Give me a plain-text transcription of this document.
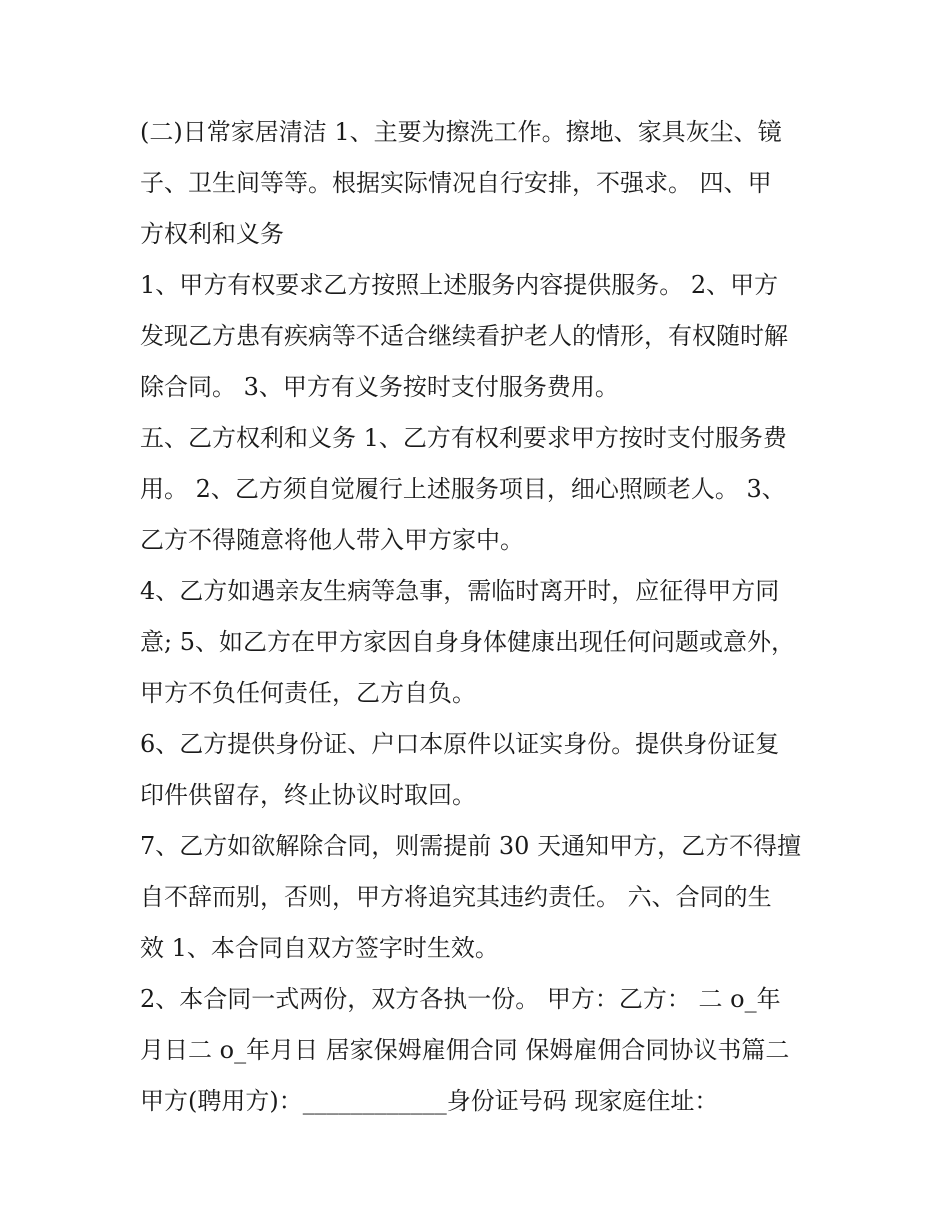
(二)日常家居清洁 1、主要为擦洗工作。擦地、家具灰尘、镜
子、卫生间等等。根据实际情况自行安排，不强求。 四、甲
方权利和义务

1、甲方有权要求乙方按照上述服务内容提供服务。 2、甲方
发现乙方患有疾病等不适合继续看护老人的情形，有权随时解
除合同。 3、甲方有义务按时支付服务费用。

五、乙方权利和义务 1、乙方有权利要求甲方按时支付服务费
用。 2、乙方须自觉履行上述服务项目，细心照顾老人。 3、
乙方不得随意将他人带入甲方家中。

4、乙方如遇亲友生病等急事，需临时离开时，应征得甲方同
意; 5、如乙方在甲方家因自身身体健康出现任何问题或意外，
甲方不负任何责任，乙方自负。

6、乙方提供身份证、户口本原件以证实身份。提供身份证复
印件供留存，终止协议时取回。

7、乙方如欲解除合同，则需提前 30 天通知甲方，乙方不得擅
自不辞而别，否则，甲方将追究其违约责任。 六、合同的生
效 1、本合同自双方签字时生效。

2、本合同一式两份，双方各执一份。 甲方：乙方： 二 o_年
月日二 o_年月日 居家保姆雇佣合同 保姆雇佣合同协议书篇二
甲方(聘用方)：____________身份证号码 现家庭住址：
